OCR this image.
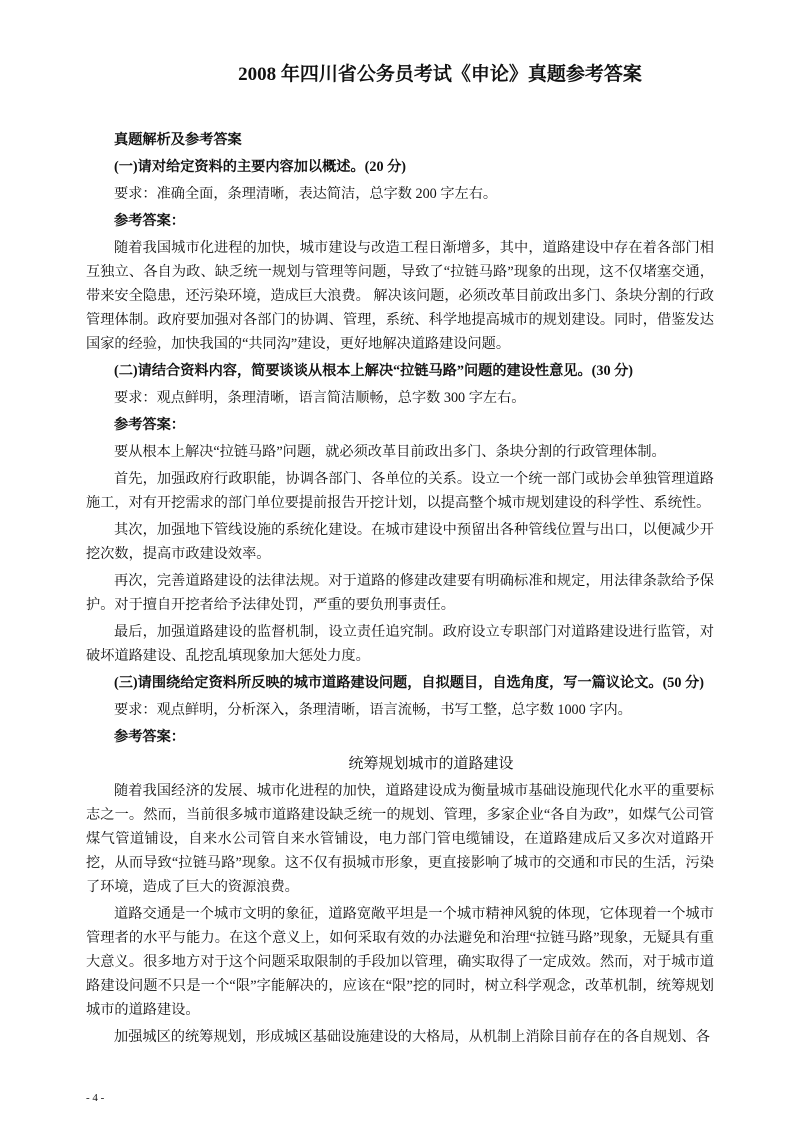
2008 年四川省公务员考试《申论》真题参考答案

真题解析及参考答案

(一)请对给定资料的主要内容加以概述。(20 分)

要求：准确全面，条理清晰，表达简洁，总字数 200 字左右。

参考答案：

随着我国城市化进程的加快，城市建设与改造工程日渐增多，其中，道路建设中存在着各部门相互独立、各自为政、缺乏统一规划与管理等问题，导致了“拉链马路”现象的出现，这不仅堵塞交通，带来安全隐患，还污染环境，造成巨大浪费。 解决该问题，必须改革目前政出多门、条块分割的行政管理体制。政府要加强对各部门的协调、管理，系统、科学地提高城市的规划建设。同时，借鉴发达国家的经验，加快我国的“共同沟”建设，更好地解决道路建设问题。

(二)请结合资料内容，简要谈谈从根本上解决“拉链马路”问题的建设性意见。(30 分)

要求：观点鲜明，条理清晰，语言简洁顺畅，总字数 300 字左右。

参考答案：

要从根本上解决“拉链马路”问题，就必须改革目前政出多门、条块分割的行政管理体制。

首先，加强政府行政职能，协调各部门、各单位的关系。设立一个统一部门或协会单独管理道路施工，对有开挖需求的部门单位要提前报告开挖计划，以提高整个城市规划建设的科学性、系统性。

其次，加强地下管线设施的系统化建设。在城市建设中预留出各种管线位置与出口，以便减少开挖次数，提高市政建设效率。

再次，完善道路建设的法律法规。对于道路的修建改建要有明确标准和规定，用法律条款给予保护。对于擅自开挖者给予法律处罚，严重的要负刑事责任。

最后，加强道路建设的监督机制，设立责任追究制。政府设立专职部门对道路建设进行监管，对破坏道路建设、乱挖乱填现象加大惩处力度。

(三)请围绕给定资料所反映的城市道路建设问题，自拟题目，自选角度，写一篇议论文。(50 分)

要求：观点鲜明，分析深入，条理清晰，语言流畅，书写工整，总字数 1000 字内。

参考答案：

统筹规划城市的道路建设

随着我国经济的发展、城市化进程的加快，道路建设成为衡量城市基础设施现代化水平的重要标志之一。然而，当前很多城市道路建设缺乏统一的规划、管理，多家企业“各自为政”，如煤气公司管煤气管道铺设，自来水公司管自来水管铺设，电力部门管电缆铺设，在道路建成后又多次对道路开挖，从而导致“拉链马路”现象。这不仅有损城市形象，更直接影响了城市的交通和市民的生活，污染了环境，造成了巨大的资源浪费。

道路交通是一个城市文明的象征，道路宽敞平坦是一个城市精神风貌的体现，它体现着一个城市管理者的水平与能力。在这个意义上，如何采取有效的办法避免和治理“拉链马路”现象，无疑具有重大意义。很多地方对于这个问题采取限制的手段加以管理，确实取得了一定成效。然而，对于城市道路建设问题不只是一个“限”字能解决的，应该在“限”挖的同时，树立科学观念，改革机制，统筹规划城市的道路建设。

加强城区的统筹规划，形成城区基础设施建设的大格局，从机制上消除目前存在的各自规划、各

- 4 -
